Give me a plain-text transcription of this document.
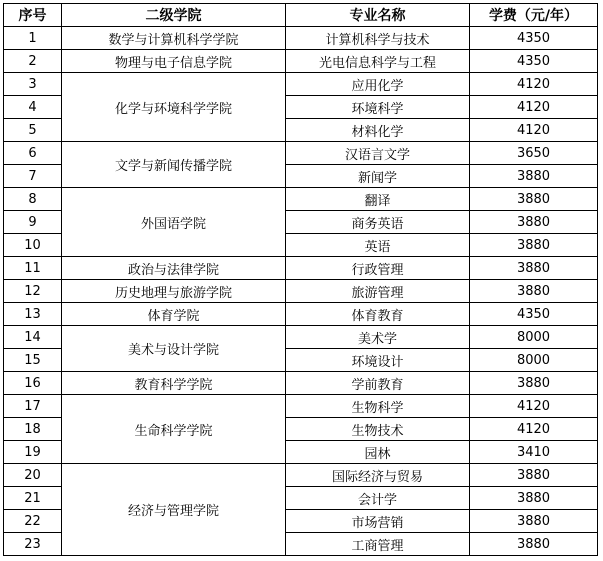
序号	二级学院	专业名称	学费（元/年）
1	数学与计算机科学学院	计算机科学与技术	4350
2	物理与电子信息学院	光电信息科学与工程	4350
3	化学与环境科学学院	应用化学	4120
4		环境科学	4120
5		材料化学	4120
6	文学与新闻传播学院	汉语言文学	3650
7		新闻学	3880
8	外国语学院	翻译	3880
9		商务英语	3880
10		英语	3880
11	政治与法律学院	行政管理	3880
12	历史地理与旅游学院	旅游管理	3880
13	体育学院	体育教育	4350
14	美术与设计学院	美术学	8000
15		环境设计	8000
16	教育科学学院	学前教育	3880
17	生命科学学院	生物科学	4120
18		生物技术	4120
19		园林	3410
20	经济与管理学院	国际经济与贸易	3880
21		会计学	3880
22		市场营销	3880
23		工商管理	3880
